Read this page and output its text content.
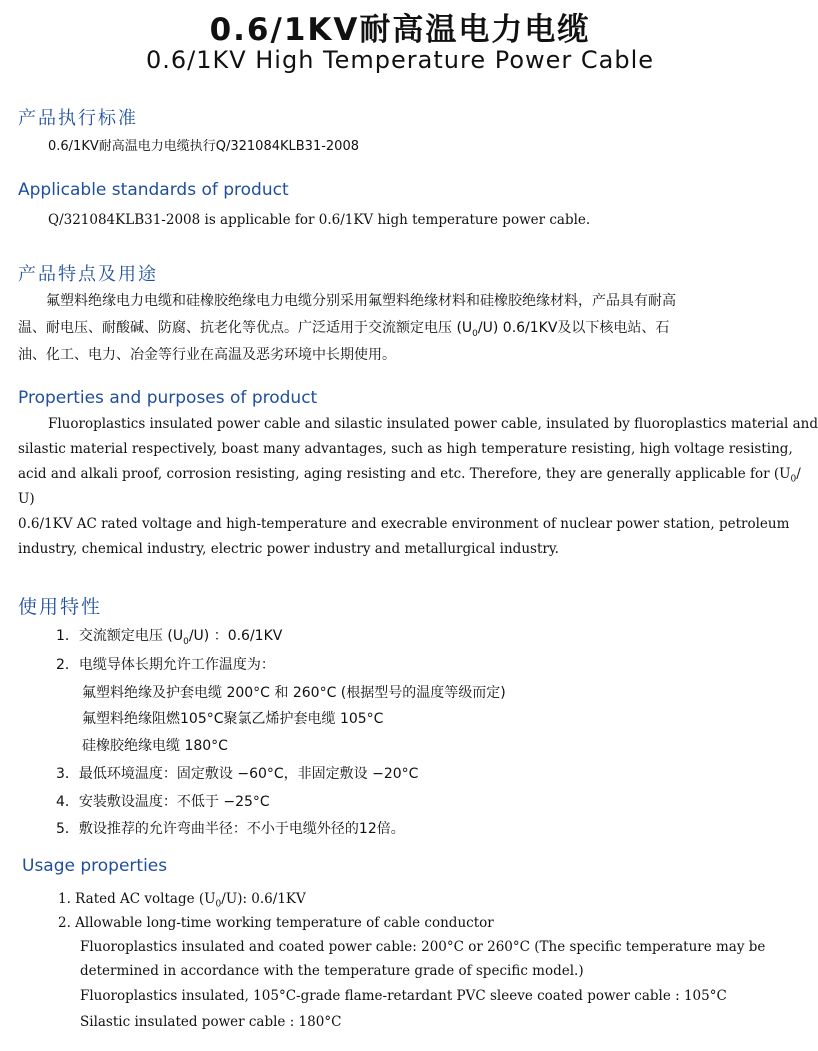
0.6/1KV耐高温电力电缆
0.6/1KV High Temperature Power Cable
产品执行标准
0.6/1KV耐高温电力电缆执行Q/321084KLB31-2008
Applicable standards of product
Q/321084KLB31-2008 is applicable for 0.6/1KV high temperature power cable.
产品特点及用途
氟塑料绝缘电力电缆和硅橡胶绝缘电力电缆分别采用氟塑料绝缘材料和硅橡胶绝缘材料，产品具有耐高
温、耐电压、耐酸碱、防腐、抗老化等优点。广泛适用于交流额定电压 $(U_0/U)$ 0.6/1KV及以下核电站、石
油、化工、电力、冶金等行业在高温及恶劣环境中长期使用。
Properties and purposes of product
Fluoroplastics insulated power cable and silastic insulated power cable, insulated by fluoroplastics material and
silastic material respectively, boast many advantages, such as high temperature resisting, high voltage resisting,
acid and alkali proof, corrosion resisting, aging resisting and etc. Therefore, they are generally applicable for ($U_0/$
U)
0.6/1KV AC rated voltage and high-temperature and execrable environment of nuclear power station, petroleum
industry, chemical industry, electric power industry and metallurgical industry.
使用特性
1．交流额定电压 $(U_0/U)$ ：0.6/1KV
2．电缆导体长期允许工作温度为：
氟塑料绝缘及护套电缆 200°C 和 260°C (根据型号的温度等级而定)
氟塑料绝缘阻燃105°C聚氯乙烯护套电缆 105°C
硅橡胶绝缘电缆 180°C
3．最低环境温度：固定敷设 −60°C，非固定敷设 −20°C
4．安装敷设温度：不低于 −25°C
5．敷设推荐的允许弯曲半径：不小于电缆外径的12倍。
Usage properties
1. Rated AC voltage $(U_0/U)$: 0.6/1KV
2. Allowable long-time working temperature of cable conductor
Fluoroplastics insulated and coated power cable: 200°C or 260°C (The specific temperature may be
determined in accordance with the temperature grade of specific model.)
Fluoroplastics insulated, 105°C-grade flame-retardant PVC sleeve coated power cable : 105°C
Silastic insulated power cable : 180°C
